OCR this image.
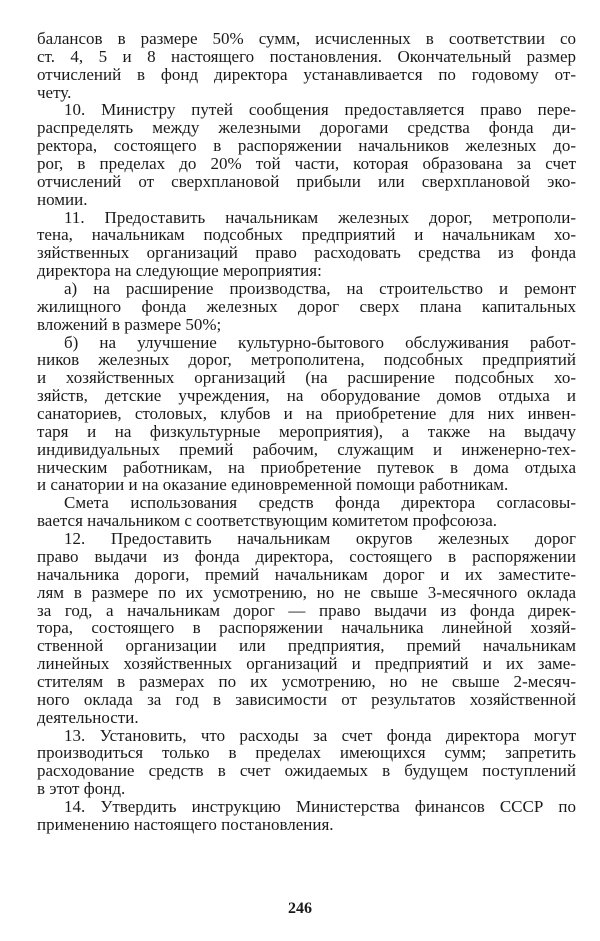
балансов в размере 50% сумм, исчисленных в соответствии со
ст. 4, 5 и 8 настоящего постановления. Окончательный размер
отчислений в фонд директора устанавливается по годовому от-
чету.
10. Министру путей сообщения предоставляется право пере-
распределять между железными дорогами средства фонда ди-
ректора, состоящего в распоряжении начальников железных до-
рог, в пределах до 20% той части, которая образована за счет
отчислений от сверхплановой прибыли или сверхплановой эко-
номии.
11. Предоставить начальникам железных дорог, метрополи-
тена, начальникам подсобных предприятий и начальникам хо-
зяйственных организаций право расходовать средства из фонда
директора на следующие мероприятия:
а) на расширение производства, на строительство и ремонт
жилищного фонда железных дорог сверх плана капитальных
вложений в размере 50%;
б) на улучшение культурно-бытового обслуживания работ-
ников железных дорог, метрополитена, подсобных предприятий
и хозяйственных организаций (на расширение подсобных хо-
зяйств, детские учреждения, на оборудование домов отдыха и
санаториев, столовых, клубов и на приобретение для них инвен-
таря и на физкультурные мероприятия), а также на выдачу
индивидуальных премий рабочим, служащим и инженерно-тех-
ническим работникам, на приобретение путевок в дома отдыха
и санатории и на оказание единовременной помощи работникам.
Смета использования средств фонда директора согласовы-
вается начальником с соответствующим комитетом профсоюза.
12. Предоставить начальникам округов железных дорог
право выдачи из фонда директора, состоящего в распоряжении
начальника дороги, премий начальникам дорог и их заместите-
лям в размере по их усмотрению, но не свыше 3-месячного оклада
за год, а начальникам дорог — право выдачи из фонда дирек-
тора, состоящего в распоряжении начальника линейной хозяй-
ственной организации или предприятия, премий начальникам
линейных хозяйственных организаций и предприятий и их заме-
стителям в размерах по их усмотрению, но не свыше 2-месяч-
ного оклада за год в зависимости от результатов хозяйственной
деятельности.
13. Установить, что расходы за счет фонда директора могут
производиться только в пределах имеющихся сумм; запретить
расходование средств в счет ожидаемых в будущем поступлений
в этот фонд.
14. Утвердить инструкцию Министерства финансов СССР по
применению настоящего постановления.
246
